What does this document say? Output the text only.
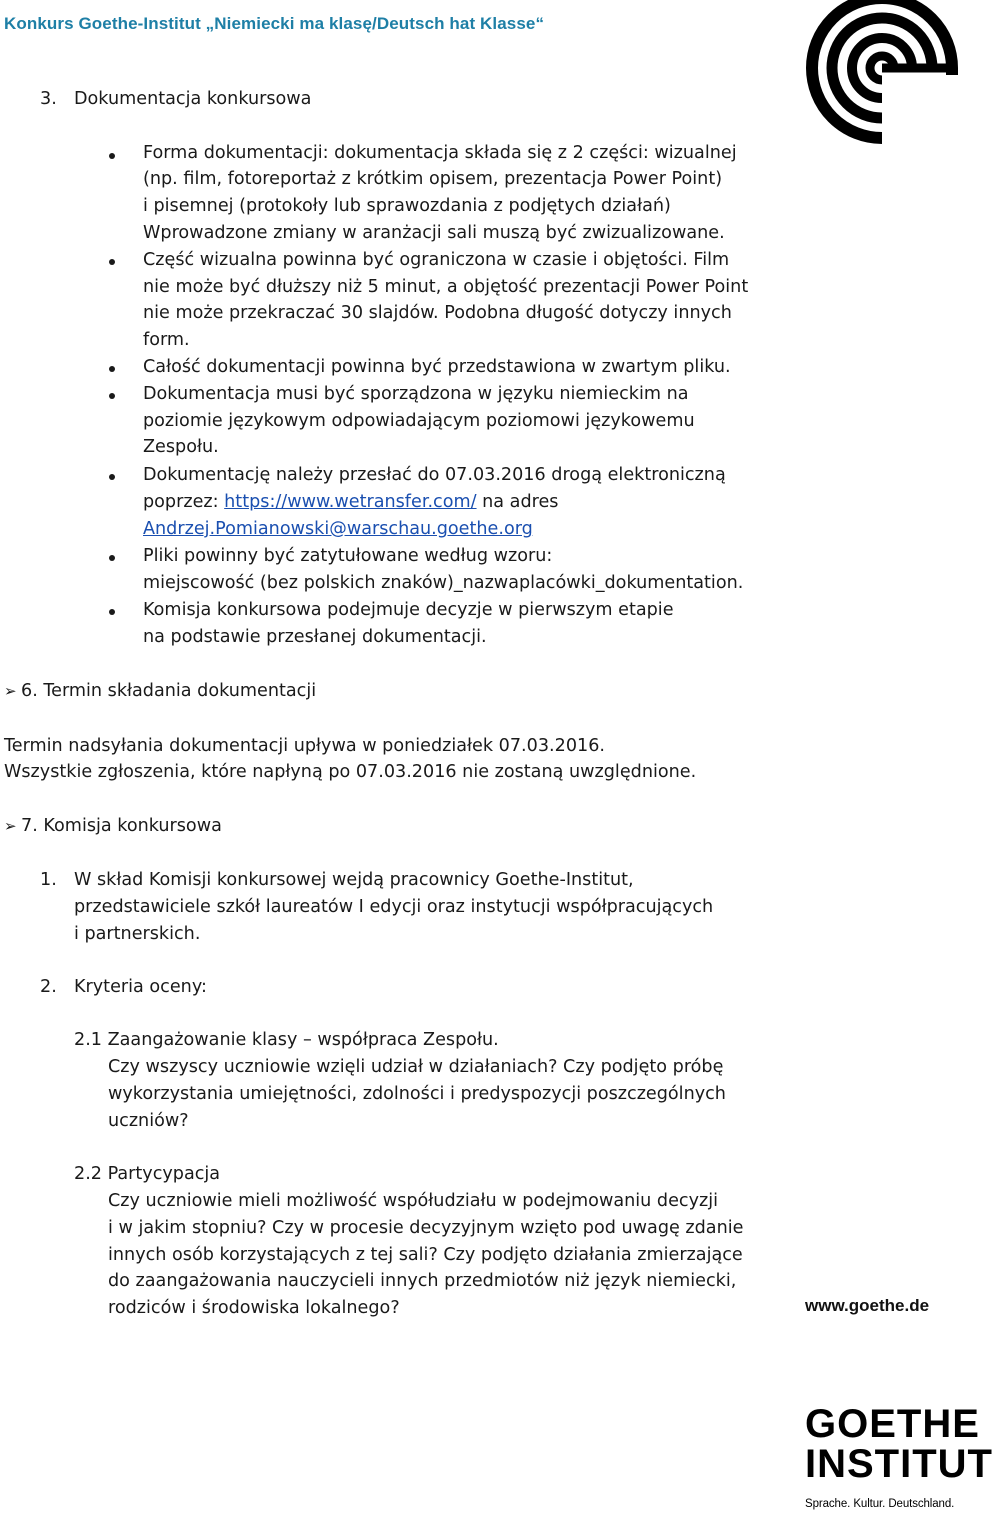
Konkurs Goethe-Institut „Niemiecki ma klasę/Deutsch hat Klasse“
3. Dokumentacja konkursowa
Forma dokumentacji: dokumentacja składa się z 2 części: wizualnej
(np. film, fotoreportaż z krótkim opisem, prezentacja Power Point)
i pisemnej (protokoły lub sprawozdania z podjętych działań)
Wprowadzone zmiany w aranżacji sali muszą być zwizualizowane.
Część wizualna powinna być ograniczona w czasie i objętości. Film
nie może być dłuższy niż 5 minut, a objętość prezentacji Power Point
nie może przekraczać 30 slajdów. Podobna długość dotyczy innych
form.
Całość dokumentacji powinna być przedstawiona w zwartym pliku.
Dokumentacja musi być sporządzona w języku niemieckim na
poziomie językowym odpowiadającym poziomowi językowemu
Zespołu.
Dokumentację należy przesłać do 07.03.2016 drogą elektroniczną
poprzez: https://www.wetransfer.com/ na adres
Andrzej.Pomianowski@warschau.goethe.org
Pliki powinny być zatytułowane według wzoru:
miejscowość (bez polskich znaków)_nazwaplacówki_dokumentation.
Komisja konkursowa podejmuje decyzje w pierwszym etapie
na podstawie przesłanej dokumentacji.
➢ 6. Termin składania dokumentacji
Termin nadsyłania dokumentacji upływa w poniedziałek 07.03.2016.
Wszystkie zgłoszenia, które napłyną po 07.03.2016 nie zostaną uwzględnione.
➢ 7. Komisja konkursowa
1. W skład Komisji konkursowej wejdą pracownicy Goethe-Institut,
przedstawiciele szkół laureatów I edycji oraz instytucji współpracujących
i partnerskich.
2. Kryteria oceny:
2.1 Zaangażowanie klasy – współpraca Zespołu.
Czy wszyscy uczniowie wzięli udział w działaniach? Czy podjęto próbę
wykorzystania umiejętności, zdolności i predyspozycji poszczególnych
uczniów?
2.2 Partycypacja
Czy uczniowie mieli możliwość współudziału w podejmowaniu decyzji
i w jakim stopniu? Czy w procesie decyzyjnym wzięto pod uwagę zdanie
innych osób korzystających z tej sali? Czy podjęto działania zmierzające
do zaangażowania nauczycieli innych przedmiotów niż język niemiecki,
rodziców i środowiska lokalnego?	www.goethe.de
GOETHE
INSTITUT
Sprache. Kultur. Deutschland.
